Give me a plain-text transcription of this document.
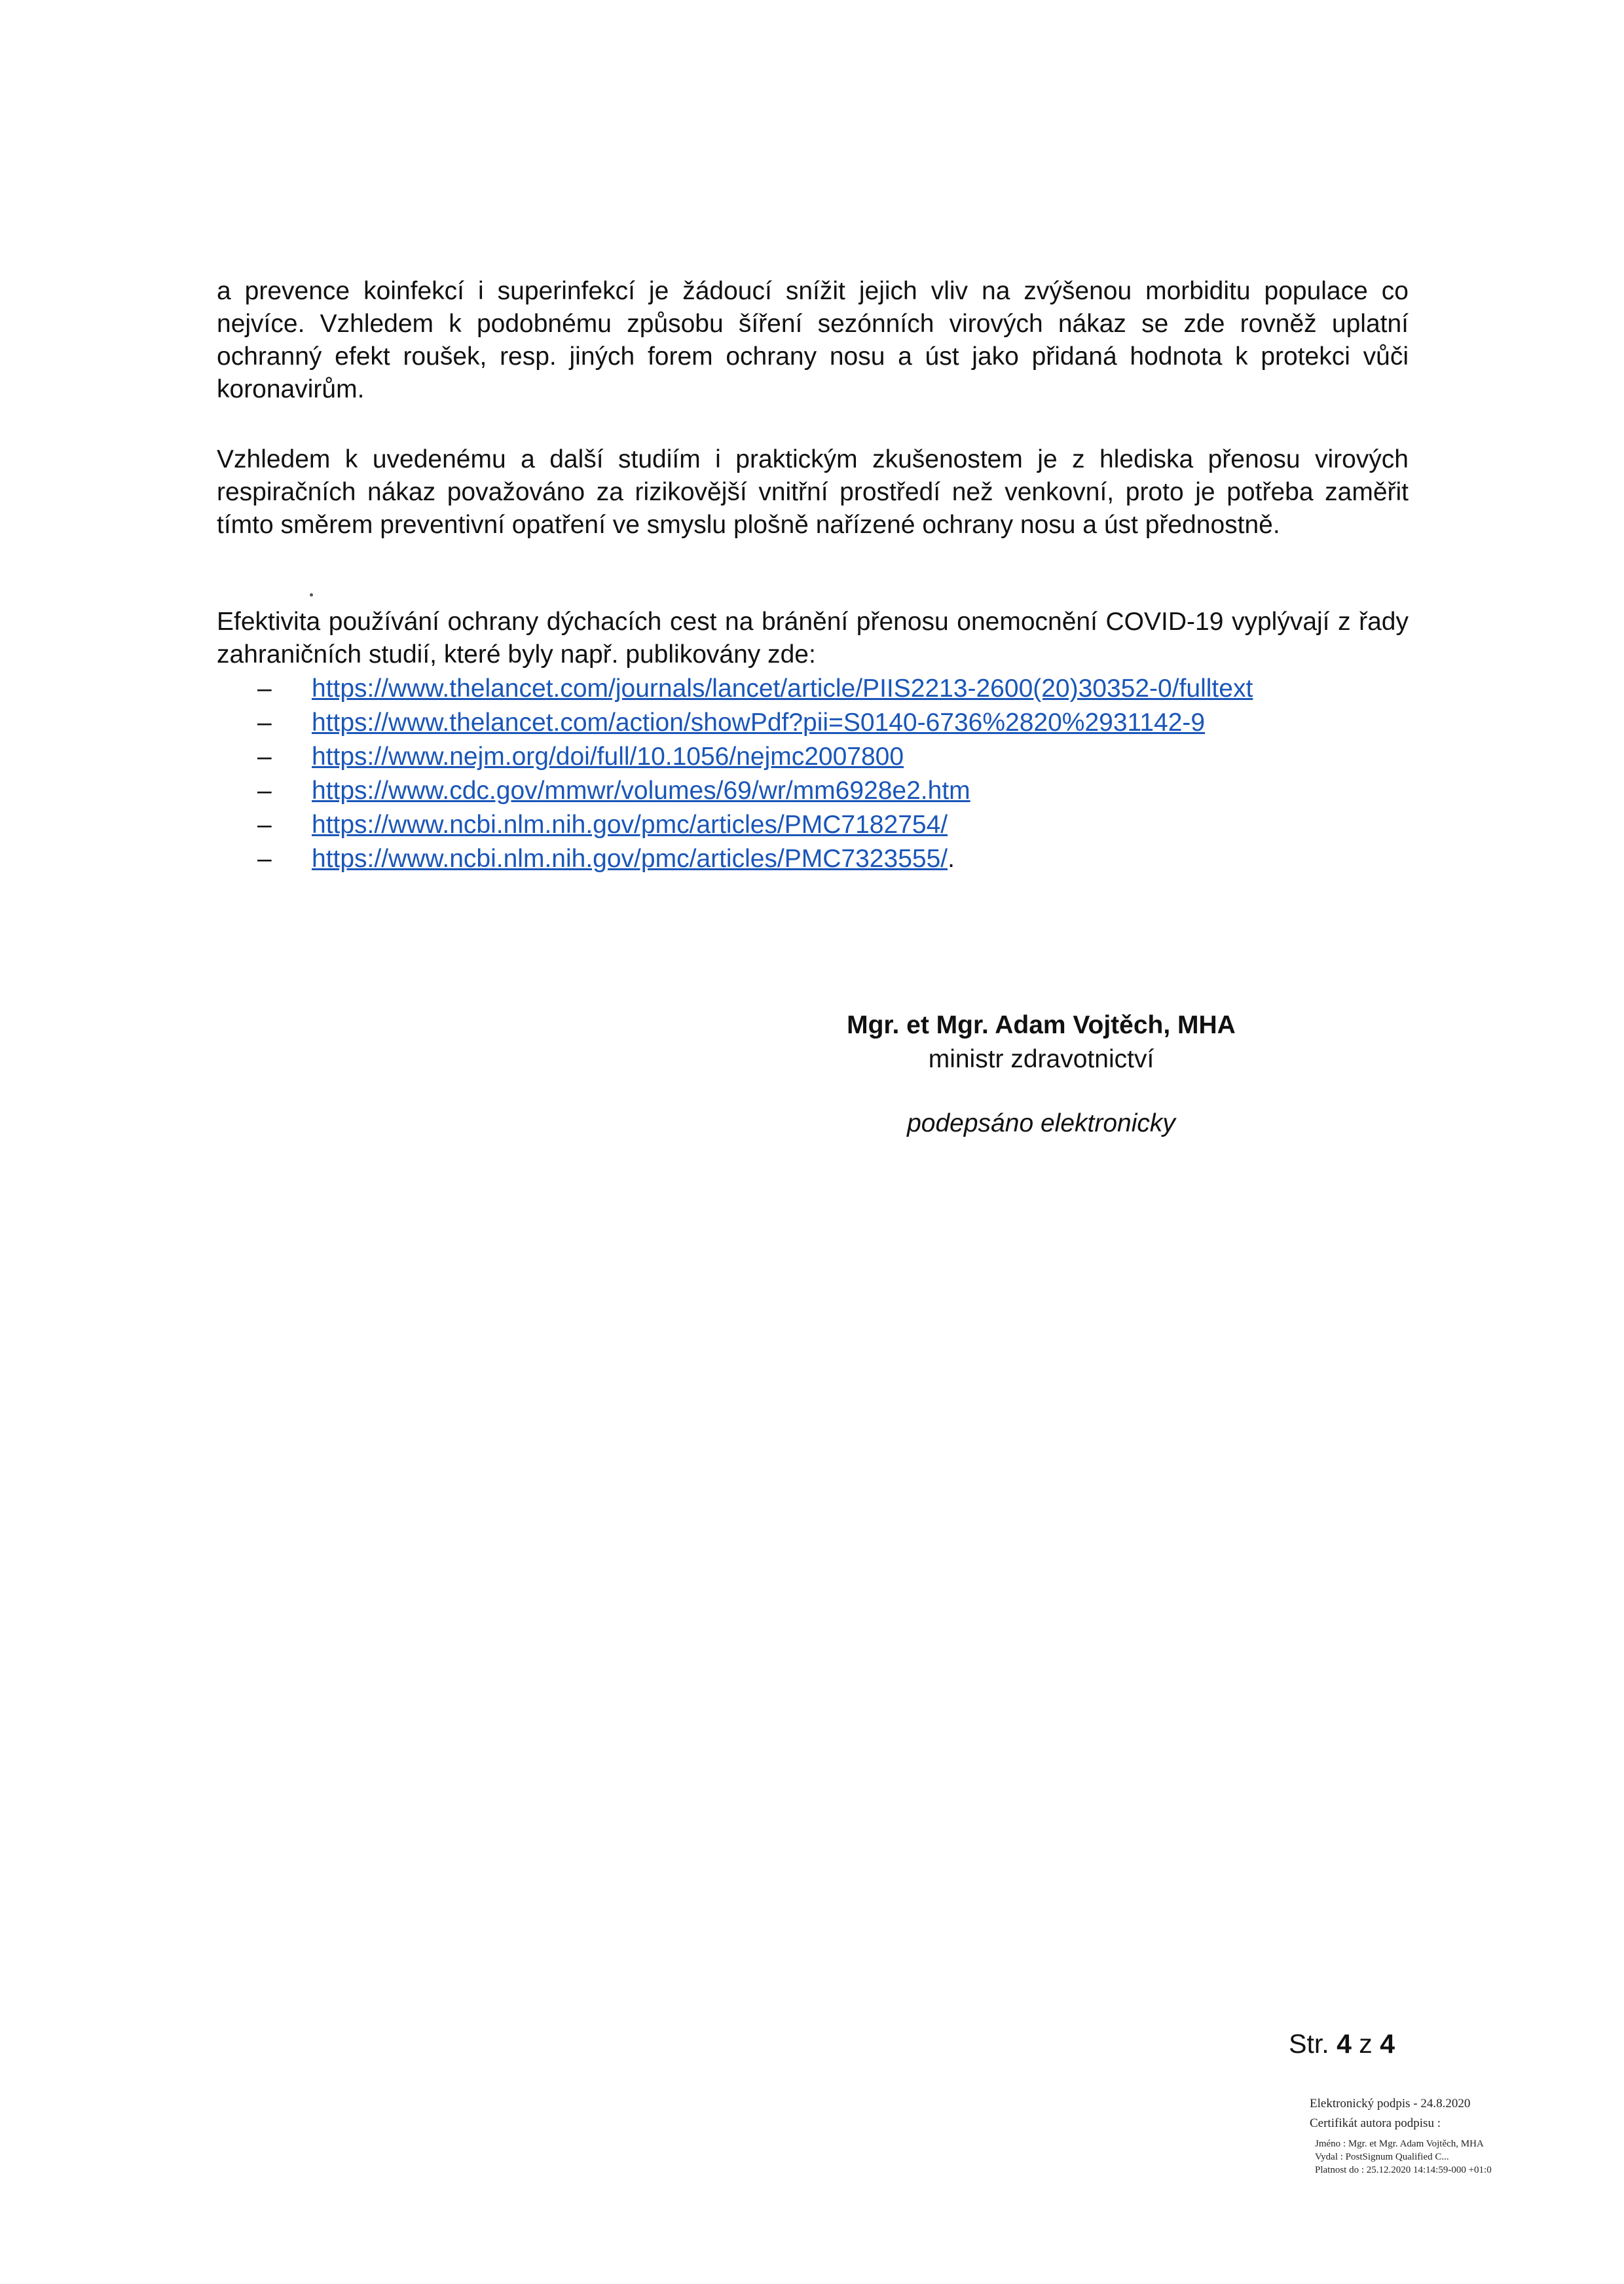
a prevence koinfekcí i superinfekcí je žádoucí snížit jejich vliv na zvýšenou morbiditu populace co nejvíce. Vzhledem k podobnému způsobu šíření sezónních virových nákaz se zde rovněž uplatní ochranný efekt roušek, resp. jiných forem ochrany nosu a úst jako přidaná hodnota k protekci vůči koronavirům.
Vzhledem k uvedenému a další studiím i praktickým zkušenostem je z hlediska přenosu virových respiračních nákaz považováno za rizikovější vnitřní prostředí než venkovní, proto je potřeba zaměřit tímto směrem preventivní opatření ve smyslu plošně nařízené ochrany nosu a úst přednostně.
Efektivita používání ochrany dýchacích cest na bránění přenosu onemocnění COVID-19 vyplývají z řady zahraničních studií, které byly např. publikovány zde:
– https://www.thelancet.com/journals/lancet/article/PIIS2213-2600(20)30352-0/fulltext
– https://www.thelancet.com/action/showPdf?pii=S0140-6736%2820%2931142-9
– https://www.nejm.org/doi/full/10.1056/nejmc2007800
– https://www.cdc.gov/mmwr/volumes/69/wr/mm6928e2.htm
– https://www.ncbi.nlm.nih.gov/pmc/articles/PMC7182754/
– https://www.ncbi.nlm.nih.gov/pmc/articles/PMC7323555/.
Mgr. et Mgr. Adam Vojtěch, MHA
ministr zdravotnictví
podepsáno elektronicky
Str. 4 z 4
Elektronický podpis - 24.8.2020
Certifikát autora podpisu :
Jméno : Mgr. et Mgr. Adam Vojtěch, MHA
Vydal : PostSignum Qualified C...
Platnost do : 25.12.2020 14:14:59-000 +01:0
